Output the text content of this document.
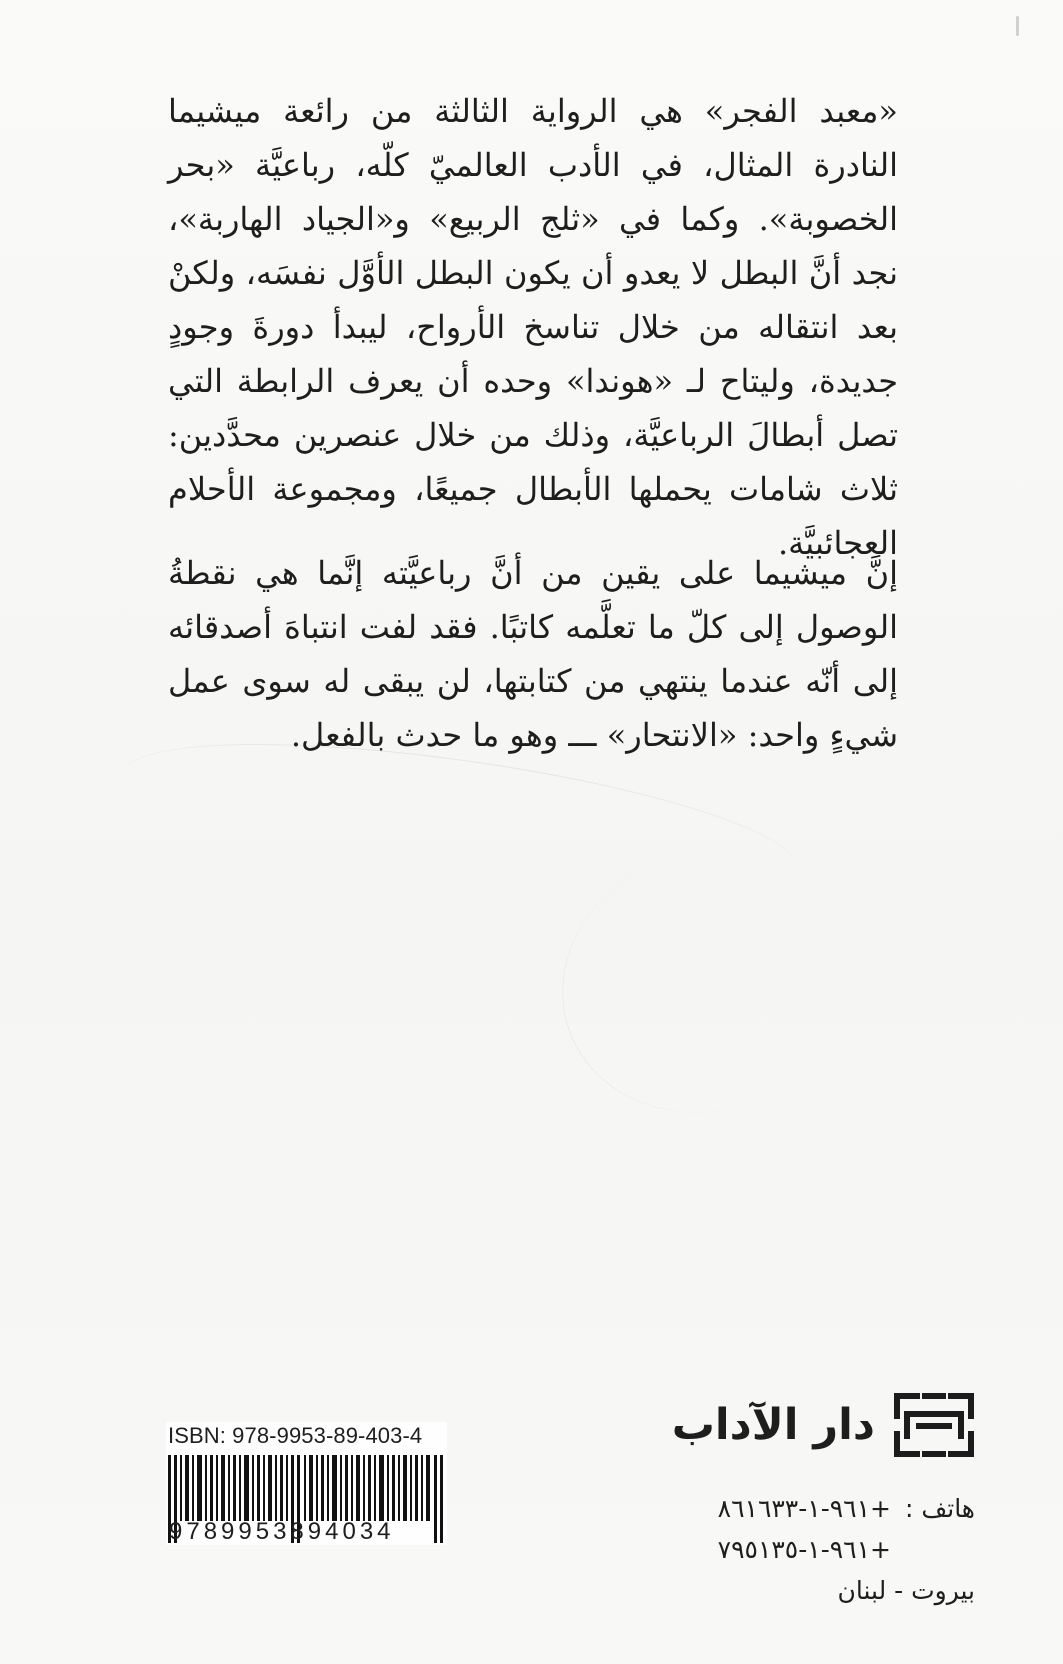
«معبد الفجر» هي الرواية الثالثة من رائعة ميشيما النادرة المثال، في الأدب العالميّ كلّه، رباعيَّة «بحر الخصوبة». وكما في «ثلج الربيع» و«الجياد الهاربة»، نجد أنَّ البطل لا يعدو أن يكون البطل الأوَّل نفسَه، ولكنْ بعد انتقاله من خلال تناسخ الأرواح، ليبدأ دورةَ وجودٍ جديدة، وليتاح لـ «هوندا» وحده أن يعرف الرابطة التي تصل أبطالَ الرباعيَّة، وذلك من خلال عنصرين محدَّدين: ثلاث شامات يحملها الأبطال جميعًا، ومجموعة الأحلام العجائبيَّة.
إنَّ ميشيما على يقين من أنَّ رباعيَّته إنَّما هي نقطةُ الوصول إلى كلّ ما تعلَّمه كاتبًا. فقد لفت انتباهَ أصدقائه إلى أنّه عندما ينتهي من كتابتها، لن يبقى له سوى عمل شيءٍ واحد: «الانتحار» ـــ وهو ما حدث بالفعل.
دار الآداب
هاتف :
+٩٦١-١-٨٦١٦٣٣
+٩٦١-١-٧٩٥١٣٥
بيروت - لبنان
ISBN: 978-9953-89-403-4
9789953894034
